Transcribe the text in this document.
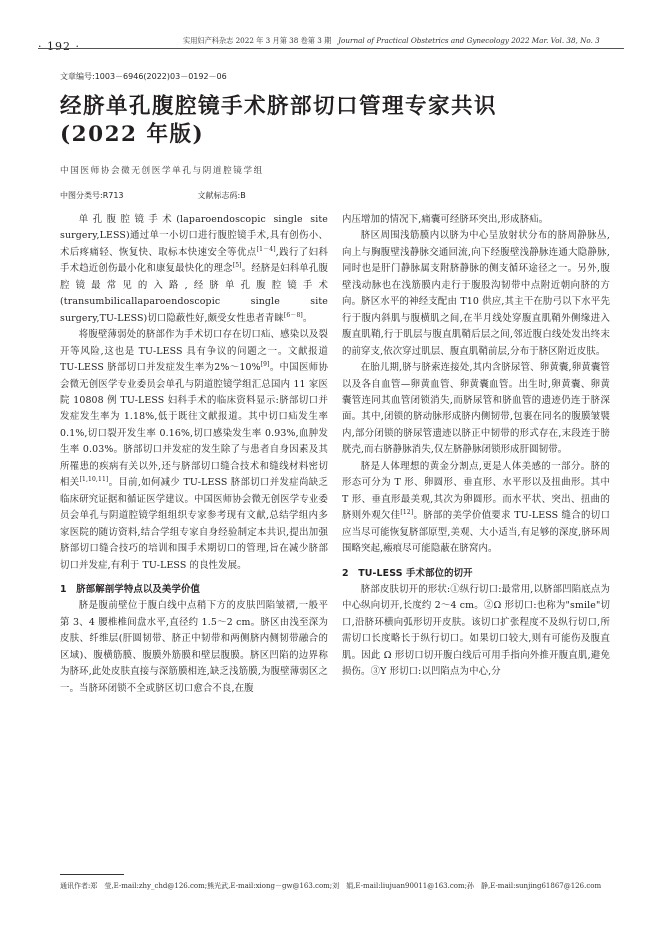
· 192 ·	实用妇产科杂志 2022 年 3 月第 38 卷第 3 期 Journal of Practical Obstetrics and Gynecology 2022 Mar. Vol. 38, No. 3
文章编号:1003－6946(2022)03－0192－06
经脐单孔腹腔镜手术脐部切口管理专家共识
(2022 年版)
中国医师协会微无创医学单孔与阴道腔镜学组
中图分类号:R713	文献标志码:B

单孔腹腔镜手术(laparoendoscopic single site surgery,LESS)通过单一小切口进行腹腔镜手术,具有创伤小、术后疼痛轻、恢复快、取标本快速安全等优点[1－4],践行了妇科手术趋近创伤最小化和康复最快化的理念[5]。经脐是妇科单孔腹腔镜最常见的入路,经脐单孔腹腔镜手术(transumbilicallaparoendoscopic single site surgery,TU-LESS)切口隐蔽性好,颇受女性患者青睐[6－8]。

将腹壁薄弱处的脐部作为手术切口存在切口疝、感染以及裂开等风险,这也是 TU-LESS 具有争议的问题之一。文献报道 TU-LESS 脐部切口并发症发生率为2%～10%[9]。中国医师协会微无创医学专业委员会单孔与阴道腔镜学组汇总国内 11 家医院 10808 例 TU-LESS 妇科手术的临床资料显示:脐部切口并发症发生率为 1.18%,低于既往文献报道。其中切口疝发生率 0.1%,切口裂开发生率 0.16%,切口感染发生率 0.93%,血肿发生率 0.03%。脐部切口并发症的发生除了与患者自身因素及其所罹患的疾病有关以外,还与脐部切口缝合技术和缝线材料密切相关[1,10,11]。目前,如何减少 TU-LESS 脐部切口并发症尚缺乏临床研究证据和循证医学建议。中国医师协会微无创医学专业委员会单孔与阴道腔镜学组组织专家参考现有文献,总结学组内多家医院的随访资料,结合学组专家自身经验制定本共识,提出加强脐部切口缝合技巧的培训和围手术期切口的管理,旨在减少脐部切口并发症,有利于 TU-LESS 的良性发展。

1　脐部解剖学特点以及美学价值

脐是腹前壁位于腹白线中点稍下方的皮肤凹陷皱褶,一般平第 3、4 腰椎椎间盘水平,直径约 1.5～2 cm。脐区由浅至深为皮肤、纤维层(肝圆韧带、脐正中韧带和两侧脐内侧韧带融合的区域)、腹横筋膜、腹膜外筋膜和壁层腹膜。脐区凹陷的边界称为脐环,此处皮肤直接与深筋膜相连,缺乏浅筋膜,为腹壁薄弱区之一。当脐环闭锁不全或脐区切口愈合不良,在腹

内压增加的情况下,痛囊可经脐环突出,形成脐疝。

脐区周围浅筋膜内以脐为中心呈放射状分布的脐周静脉丛,向上与胸腹壁浅静脉交通回流,向下经腹壁浅静脉连通大隐静脉,同时也是肝门静脉属支附脐静脉的侧支循环途径之一。另外,腹壁浅动脉也在浅筋膜内走行于腹股沟韧带中点附近朝向脐的方向。脐区水平的神经支配由 T10 供应,其主干在肋弓以下水平先行于腹内斜肌与腹横肌之间,在半月线处穿腹直肌鞘外侧缘进入腹直肌鞘,行于肌层与腹直肌鞘后层之间,邻近腹白线处发出终末的前穿支,依次穿过肌层、腹直肌鞘前层,分布于脐区附近皮肤。

在胎儿期,脐与脐索连接处,其内含脐尿管、卵黄囊,卵黄囊管以及各自血管—卵黄血管、卵黄囊血管。出生时,卵黄囊、卵黄囊管连同其血管闭锁消失,而脐尿管和脐血管的遗迹仍连于脐深面。其中,闭锁的脐动脉形成脐内侧韧带,包裹在同名的腹膜皱襞内,部分闭锁的脐尿管遗迹以脐正中韧带的形式存在,末段连于膀胱壳,而右脐静脉消失,仅左脐静脉闭锁形成肝圆韧带。

脐是人体理想的黄金分割点,更是人体美感的一部分。脐的形态可分为 T 形、卵圆形、垂直形、水平形以及扭曲形。其中 T 形、垂直形最美观,其次为卵圆形。而水平状、突出、扭曲的脐则外观欠佳[12]。脐部的美学价值要求 TU-LESS 缝合的切口应当尽可能恢复脐部原型,美观、大小适当,有足够的深度,脐环周围略突起,瘢痕尽可能隐蔽在脐窝内。

2　TU-LESS 手术部位的切开

脐部皮肤切开的形状:①纵行切口:最常用,以脐部凹陷底点为中心纵向切开,长度约 2～4 cm。②Ω 形切口:也称为"smile"切口,沿脐环横向弧形切开皮肤。该切口扩张程度不及纵行切口,所需切口长度略长于纵行切口。如果切口较大,则有可能伤及腹直肌。因此 Ω 形切口切开腹白线后可用手指向外推开腹直肌,避免损伤。③Y 形切口:以凹陷点为中心,分

通讯作者:郑　莹,E-mail:zhy_chd@126.com;熊光武,E-mail:xiong－gw@163.com;刘　娟,E-mail:liujuan90011@163.com;孙　静,E-mail:sunjing61867@126.com
